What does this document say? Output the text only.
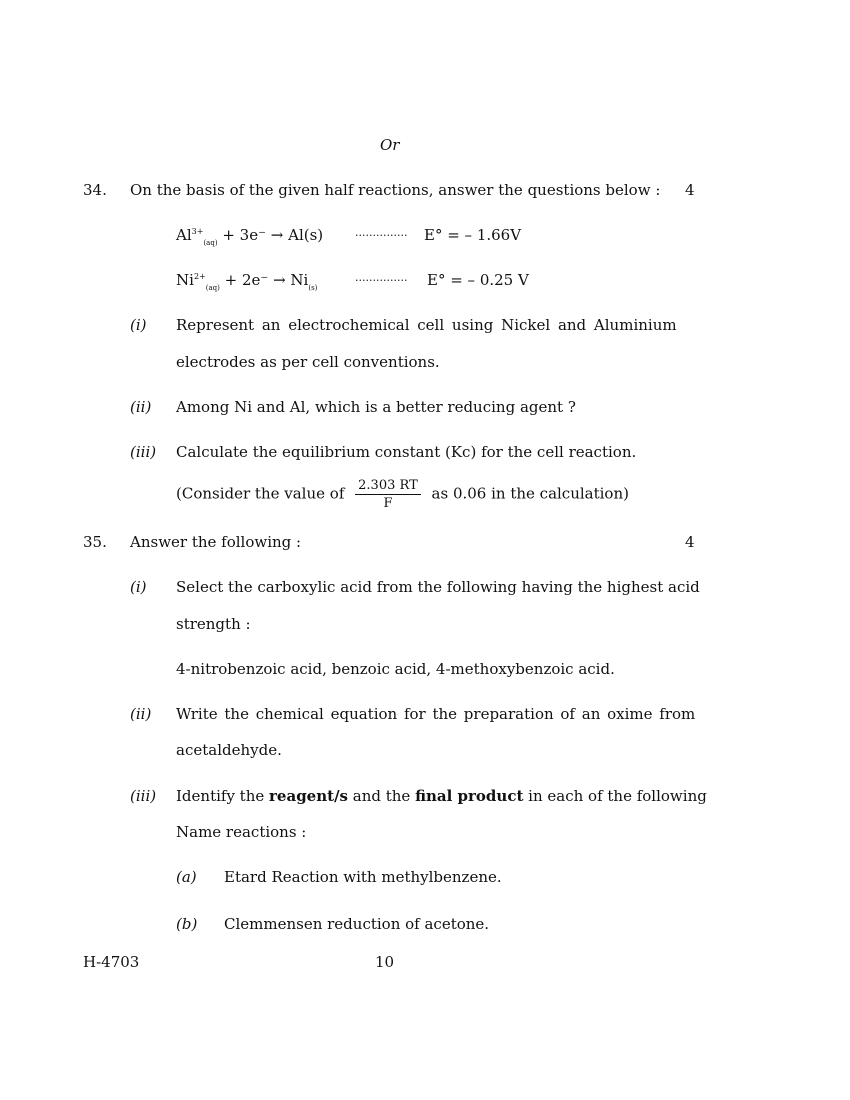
Or
34. On the basis of the given half reactions, answer the questions below : 4
$Al^{3+}_{(aq)} + 3e^- \to Al(s)$	............... E° = – 1.66V
$Ni^{2+}_{(aq)} + 2e^- \to Ni_{(s)}$
............... E° = – 0.25 V
(i) Represent an electrochemical cell using Nickel and Aluminium
electrodes as per cell conventions.
(ii) Among Ni and Al, which is a better reducing agent ?
(iii) Calculate the equilibrium constant (Kc) for the cell reaction.
(Consider the value of $\frac{2.303 RT}{F}$ as 0.06 in the calculation)
35. Answer the following :	4
(i) Select the carboxylic acid from the following having the highest acid
strength :
4-nitrobenzoic acid, benzoic acid, 4-methoxybenzoic acid.
(ii) Write the chemical equation for the preparation of an oxime from
acetaldehyde.
(iii) Identify the reagent/s and the final product in each of the following
Name reactions :
(a) Etard Reaction with methylbenzene.
(b) Clemmensen reduction of acetone.
H-4703	10
